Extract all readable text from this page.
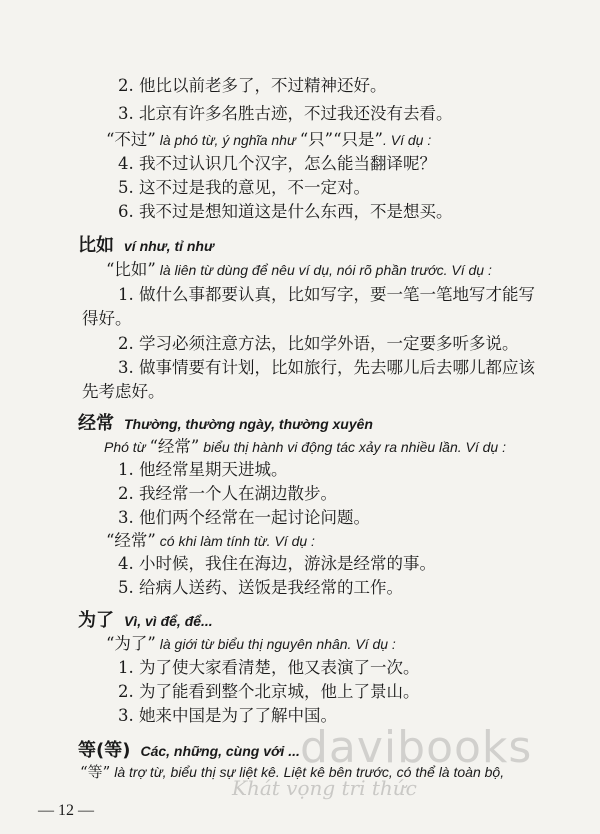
2. 他比以前老多了，不过精神还好。
3. 北京有许多名胜古迹，不过我还没有去看。
“不过” là phó từ, ý nghĩa như “只”“只是”. Ví dụ :
4. 我不过认识几个汉字，怎么能当翻译呢？
5. 这不过是我的意见，不一定对。
6. 我不过是想知道这是什么东西，不是想买。
比如 ví như, tỉ như
“比如” là liên từ dùng để nêu ví dụ, nói rõ phần trước. Ví dụ :
1. 做什么事都要认真，比如写字，要一笔一笔地写才能写
得好。
2. 学习必须注意方法，比如学外语，一定要多听多说。
3. 做事情要有计划，比如旅行，先去哪儿后去哪儿都应该
先考虑好。
经常 Thường, thường ngày, thường xuyên
Phó từ “经常” biểu thị hành vi động tác xảy ra nhiều lần. Ví dụ :
1. 他经常星期天进城。
2. 我经常一个人在湖边散步。
3. 他们两个经常在一起讨论问题。
“经常” có khi làm tính từ. Ví dụ :
4. 小时候，我住在海边，游泳是经常的事。
5. 给病人送药、送饭是我经常的工作。
为了 Vì, vì để, để...
“为了” là giới từ biểu thị nguyên nhân. Ví dụ :
1. 为了使大家看清楚，他又表演了一次。
2. 为了能看到整个北京城，他上了景山。
3. 她来中国是为了了解中国。
等(等) Các, những, cùng với ...
“等” là trợ từ, biểu thị sự liệt kê. Liệt kê bên trước, có thể là toàn bộ,
davibooks
Khát vọng tri thức
— 12 —
